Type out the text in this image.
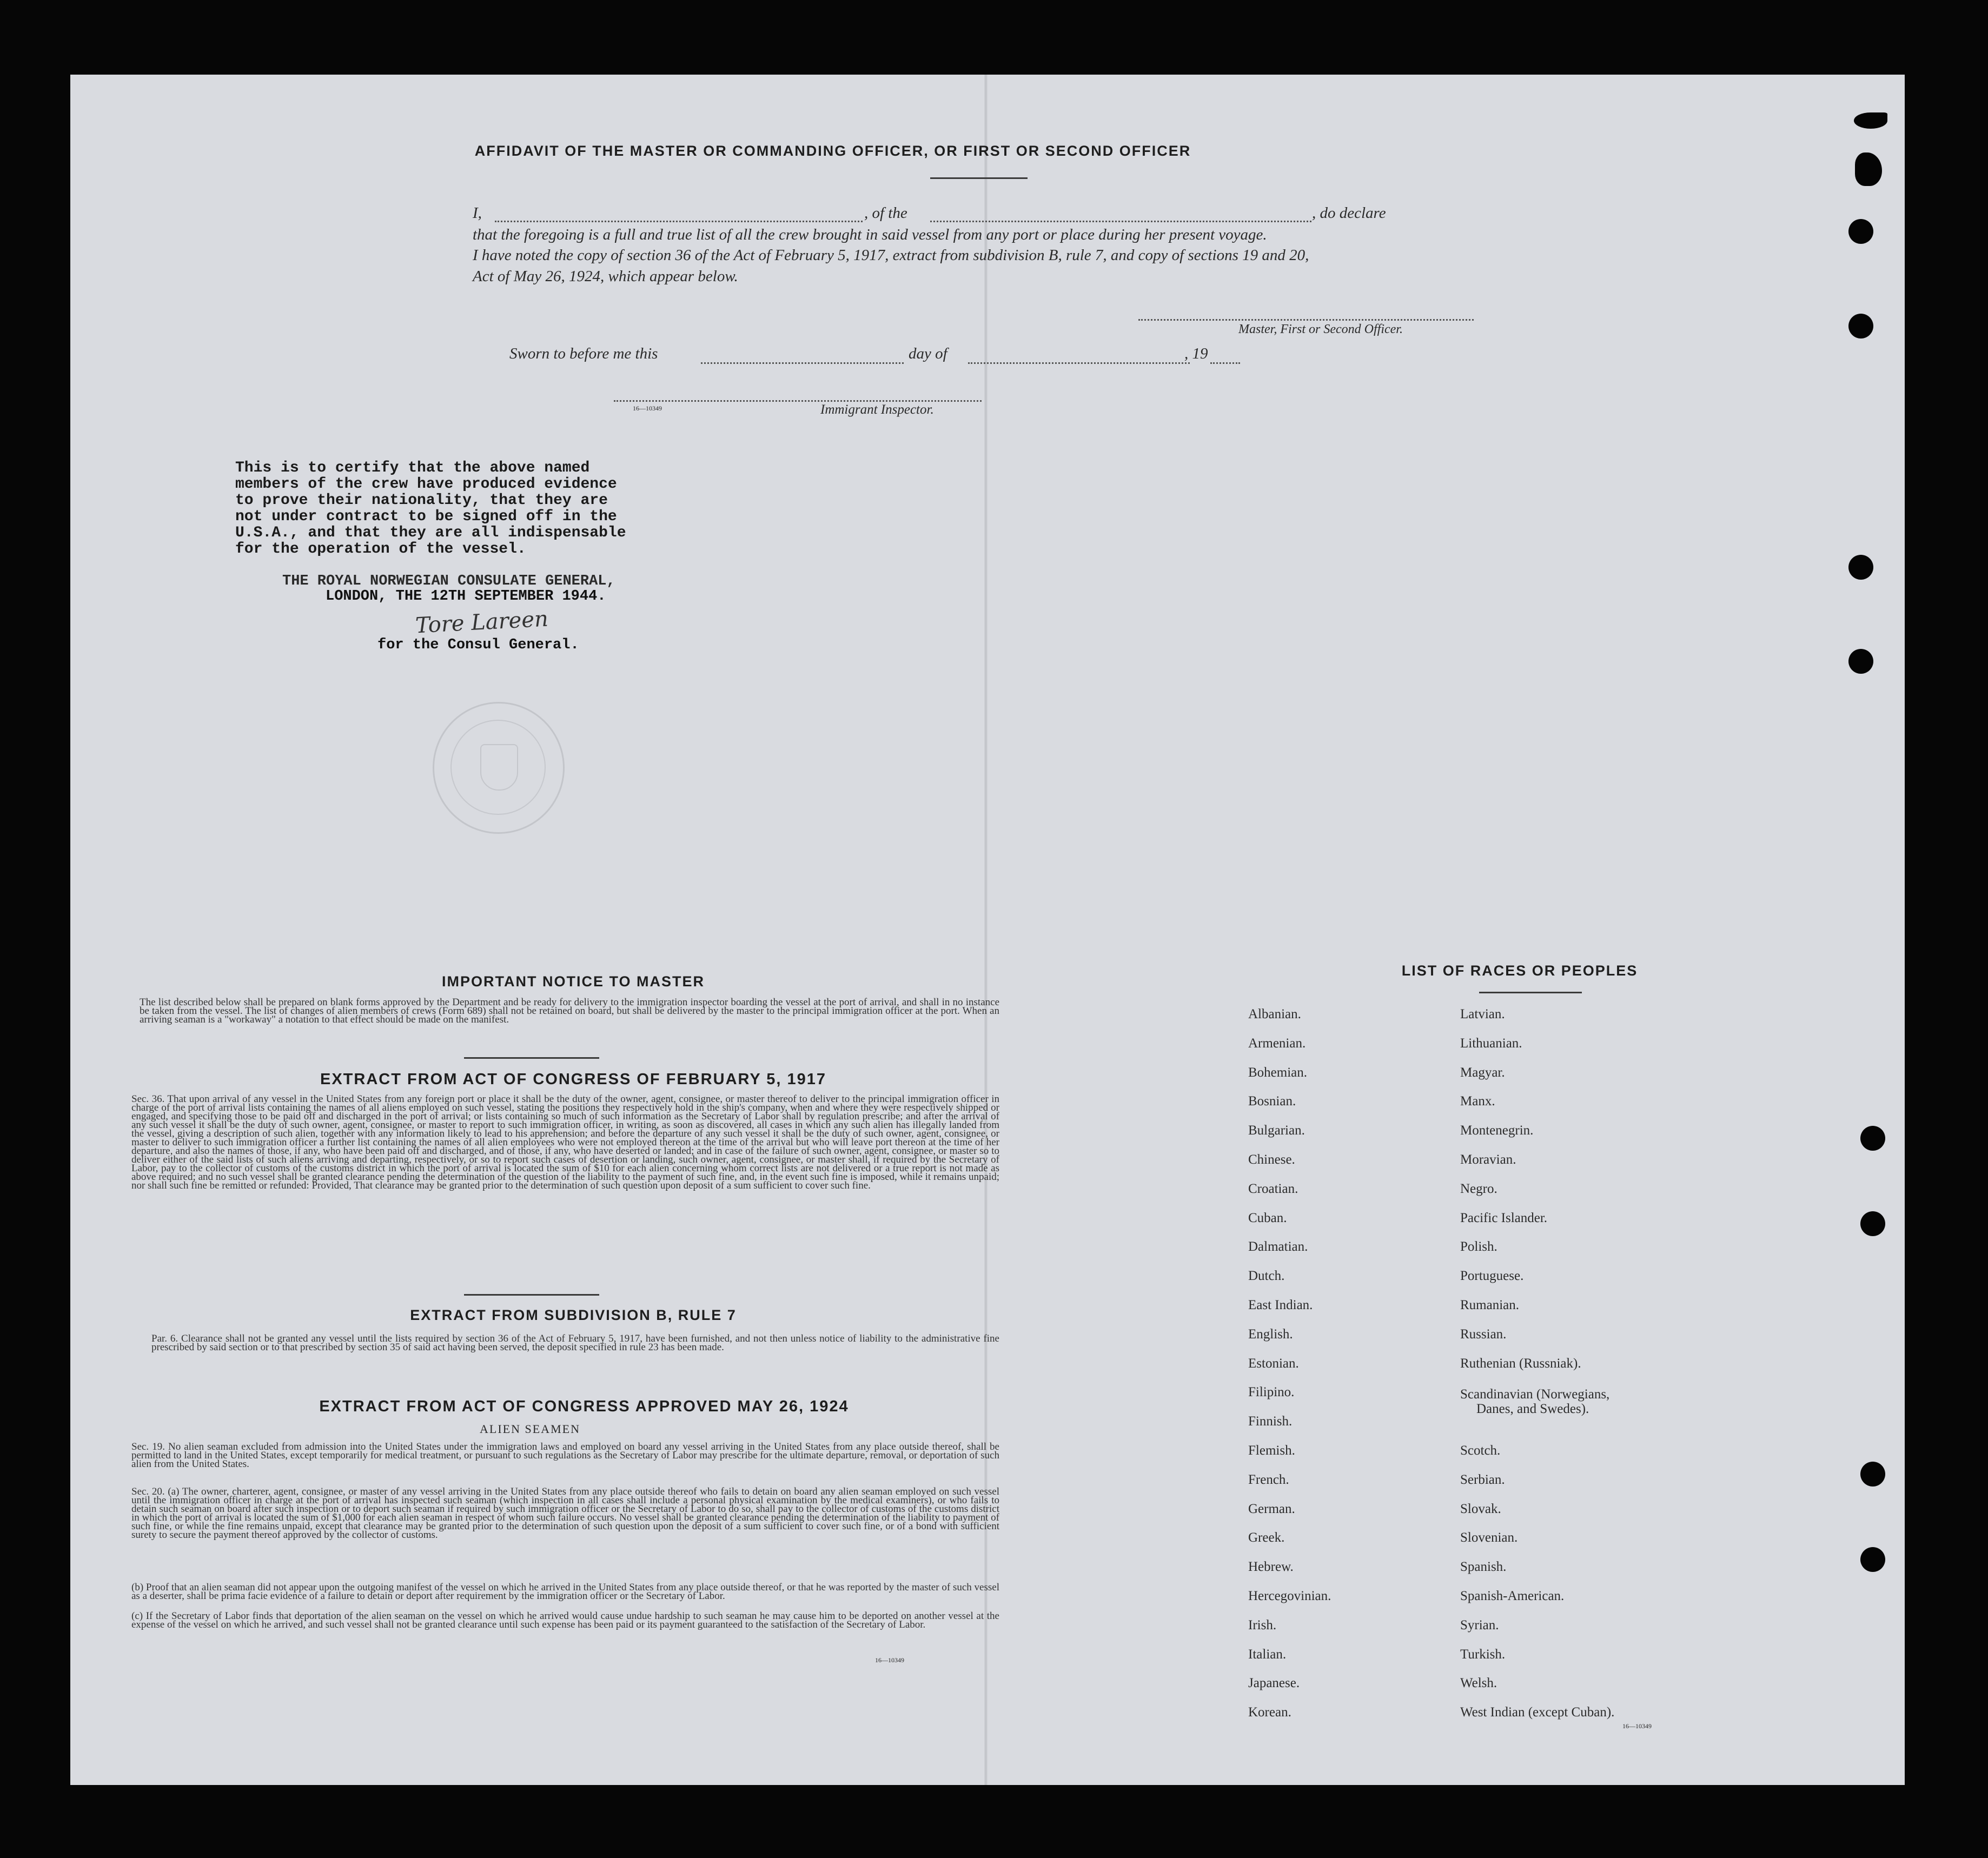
AFFIDAVIT OF THE MASTER OR COMMANDING OFFICER, OR FIRST OR SECOND OFFICER
I,	, of the	, do declare
that the foregoing is a full and true list of all the crew brought in said vessel from any port or place during her present voyage.
I have noted the copy of section 36 of the Act of February 5, 1917, extract from subdivision B, rule 7, and copy of sections 19 and 20,
Act of May 26, 1924, which appear below.
Master, First or Second Officer.
Sworn to before me this	day of	, 19
16—10349	Immigrant Inspector.
This is to certify that the above named
members of the crew have produced evidence
to prove their nationality, that they are
not under contract to be signed off in the
U.S.A., and that they are all indispensable
for the operation of the vessel.
THE ROYAL NORWEGIAN CONSULATE GENERAL,
LONDON, THE 12TH SEPTEMBER 1944.
Tore Lareen
for the Consul General.
IMPORTANT NOTICE TO MASTER
The list described below shall be prepared on blank forms approved by the Department and be ready for delivery to the immigration inspector boarding the vessel at the port of arrival, and shall in no instance be taken from the vessel. The list of changes of alien members of crews (Form 689) shall not be retained on board, but shall be delivered by the master to the principal immigration officer at the port. When an arriving seaman is a "workaway" a notation to that effect should be made on the manifest.
EXTRACT FROM ACT OF CONGRESS OF FEBRUARY 5, 1917
Sec. 36. That upon arrival of any vessel in the United States from any foreign port or place it shall be the duty of the owner, agent, consignee, or master thereof to deliver to the principal immigration officer in charge of the port of arrival lists containing the names of all aliens employed on such vessel, stating the positions they respectively hold in the ship's company, when and where they were respectively shipped or engaged, and specifying those to be paid off and discharged in the port of arrival; or lists containing so much of such information as the Secretary of Labor shall by regulation prescribe; and after the arrival of any such vessel it shall be the duty of such owner, agent, consignee, or master to report to such immigration officer, in writing, as soon as discovered, all cases in which any such alien has illegally landed from the vessel, giving a description of such alien, together with any information likely to lead to his apprehension; and before the departure of any such vessel it shall be the duty of such owner, agent, consignee, or master to deliver to such immigration officer a further list containing the names of all alien employees who were not employed thereon at the time of the arrival but who will leave port thereon at the time of her departure, and also the names of those, if any, who have been paid off and discharged, and of those, if any, who have deserted or landed; and in case of the failure of such owner, agent, consignee, or master so to deliver either of the said lists of such aliens arriving and departing, respectively, or so to report such cases of desertion or landing, such owner, agent, consignee, or master shall, if required by the Secretary of Labor, pay to the collector of customs of the customs district in which the port of arrival is located the sum of $10 for each alien concerning whom correct lists are not delivered or a true report is not made as above required; and no such vessel shall be granted clearance pending the determination of the question of the liability to the payment of such fine, and, in the event such fine is imposed, while it remains unpaid; nor shall such fine be remitted or refunded: Provided, That clearance may be granted prior to the determination of such question upon deposit of a sum sufficient to cover such fine.
EXTRACT FROM SUBDIVISION B, RULE 7
Par. 6. Clearance shall not be granted any vessel until the lists required by section 36 of the Act of February 5, 1917, have been furnished, and not then unless notice of liability to the administrative fine prescribed by said section or to that prescribed by section 35 of said act having been served, the deposit specified in rule 23 has been made.
EXTRACT FROM ACT OF CONGRESS APPROVED MAY 26, 1924
ALIEN SEAMEN
Sec. 19. No alien seaman excluded from admission into the United States under the immigration laws and employed on board any vessel arriving in the United States from any place outside thereof, shall be permitted to land in the United States, except temporarily for medical treatment, or pursuant to such regulations as the Secretary of Labor may prescribe for the ultimate departure, removal, or deportation of such alien from the United States.
Sec. 20. (a) The owner, charterer, agent, consignee, or master of any vessel arriving in the United States from any place outside thereof who fails to detain on board any alien seaman employed on such vessel until the immigration officer in charge at the port of arrival has inspected such seaman (which inspection in all cases shall include a personal physical examination by the medical examiners), or who fails to detain such seaman on board after such inspection or to deport such seaman if required by such immigration officer or the Secretary of Labor to do so, shall pay to the collector of customs of the customs district in which the port of arrival is located the sum of $1,000 for each alien seaman in respect of whom such failure occurs. No vessel shall be granted clearance pending the determination of the liability to payment of such fine, or while the fine remains unpaid, except that clearance may be granted prior to the determination of such question upon the deposit of a sum sufficient to cover such fine, or of a bond with sufficient surety to secure the payment thereof approved by the collector of customs.
(b) Proof that an alien seaman did not appear upon the outgoing manifest of the vessel on which he arrived in the United States from any place outside thereof, or that he was reported by the master of such vessel as a deserter, shall be prima facie evidence of a failure to detain or deport after requirement by the immigration officer or the Secretary of Labor.
(c) If the Secretary of Labor finds that deportation of the alien seaman on the vessel on which he arrived would cause undue hardship to such seaman he may cause him to be deported on another vessel at the expense of the vessel on which he arrived, and such vessel shall not be granted clearance until such expense has been paid or its payment guaranteed to the satisfaction of the Secretary of Labor.
16—10349
LIST OF RACES OR PEOPLES
Albanian.
Armenian.
Bohemian.
Bosnian.
Bulgarian.
Chinese.
Croatian.
Cuban.
Dalmatian.
Dutch.
East Indian.
English.
Estonian.
Filipino.
Finnish.
Flemish.
French.
German.
Greek.
Hebrew.
Hercegovinian.
Irish.
Italian.
Japanese.
Korean.
Latvian.
Lithuanian.
Magyar.
Manx.
Montenegrin.
Moravian.
Negro.
Pacific Islander.
Polish.
Portuguese.
Rumanian.
Russian.
Ruthenian (Russniak).
Scandinavian (Norwegians,
Danes, and Swedes).
Scotch.
Serbian.
Slovak.
Slovenian.
Spanish.
Spanish-American.
Syrian.
Turkish.
Welsh.
West Indian (except Cuban).
16—10349
